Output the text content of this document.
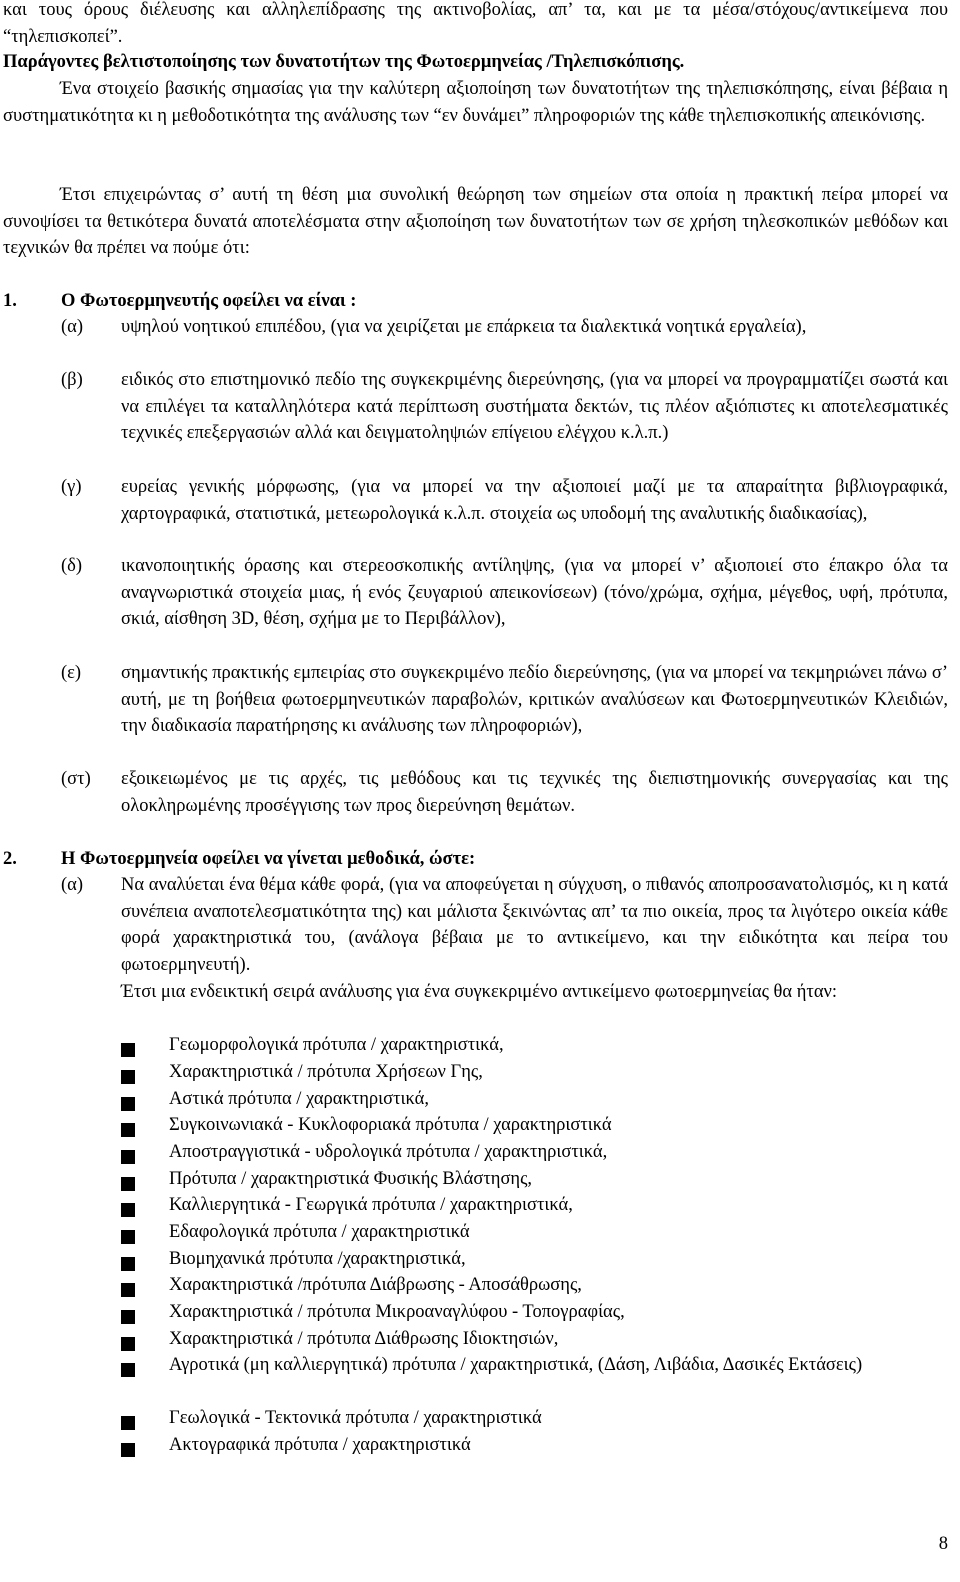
και τους όρους διέλευσης και αλληλεπίδρασης της ακτινοβολίας, απ’ τα, και με τα μέσα/στόχους/αντικείμενα που “τηλεπισκοπεί”.
Παράγοντες βελτιστοποίησης των δυνατοτήτων της Φωτοερμηνείας /Τηλεπισκόπισης.
Ένα στοιχείο βασικής σημασίας για την καλύτερη αξιοποίηση των δυνατοτήτων της τηλεπισκόπησης, είναι βέβαια η συστηματικότητα κι η μεθοδοτικότητα της ανάλυσης των “εν δυνάμει” πληροφοριών της κάθε τηλεπισκοπικής απεικόνισης.
Έτσι επιχειρώντας σ’ αυτή τη θέση μια συνολική θεώρηση των σημείων στα οποία η πρακτική πείρα μπορεί να συνοψίσει τα θετικότερα δυνατά αποτελέσματα στην αξιοποίηση των δυνατοτήτων των σε χρήση τηλεσκοπικών μεθόδων και τεχνικών θα πρέπει να πούμε ότι:
1. Ο Φωτοερμηνευτής οφείλει να είναι :
(α) υψηλού νοητικού επιπέδου, (για να χειρίζεται με επάρκεια τα διαλεκτικά νοητικά εργαλεία),
(β) ειδικός στο επιστημονικό πεδίο της συγκεκριμένης διερεύνησης, (για να μπορεί να προγραμματίζει σωστά και να επιλέγει τα καταλληλότερα κατά περίπτωση συστήματα δεκτών, τις πλέον αξιόπιστες κι αποτελεσματικές τεχνικές επεξεργασιών αλλά και δειγματοληψιών επίγειου ελέγχου κ.λ.π.)
(γ) ευρείας γενικής μόρφωσης, (για να μπορεί να την αξιοποιεί μαζί με τα απαραίτητα βιβλιογραφικά, χαρτογραφικά, στατιστικά, μετεωρολογικά κ.λ.π. στοιχεία ως υποδομή της αναλυτικής διαδικασίας),
(δ) ικανοποιητικής όρασης και στερεοσκοπικής αντίληψης, (για να μπορεί ν’ αξιοποιεί στο έπακρο όλα τα αναγνωριστικά στοιχεία μιας, ή ενός ζευγαριού απεικονίσεων) (τόνο/χρώμα, σχήμα, μέγεθος, υφή, πρότυπα, σκιά, αίσθηση 3D, θέση, σχήμα με το Περιβάλλον),
(ε) σημαντικής πρακτικής εμπειρίας στο συγκεκριμένο πεδίο διερεύνησης, (για να μπορεί να τεκμηριώνει πάνω σ’ αυτή, με τη βοήθεια φωτοερμηνευτικών παραβολών, κριτικών αναλύσεων και Φωτοερμηνευτικών Κλειδιών, την διαδικασία παρατήρησης κι ανάλυσης των πληροφοριών),
(στ) εξοικειωμένος με τις αρχές, τις μεθόδους και τις τεχνικές της διεπιστημονικής συνεργασίας και της ολοκληρωμένης προσέγγισης των προς διερεύνηση θεμάτων.
2. Η Φωτοερμηνεία οφείλει να γίνεται μεθοδικά, ώστε:
(α) Να αναλύεται ένα θέμα κάθε φορά, (για να αποφεύγεται η σύγχυση, ο πιθανός αποπροσανατολισμός, κι η κατά συνέπεια αναποτελεσματικότητα της) και μάλιστα ξεκινώντας απ’ τα πιο οικεία, προς τα λιγότερο οικεία κάθε φορά χαρακτηριστικά του, (ανάλογα βέβαια με το αντικείμενο, και την ειδικότητα και πείρα του φωτοερμηνευτή).
Έτσι μια ενδεικτική σειρά ανάλυσης για ένα συγκεκριμένο αντικείμενο φωτοερμηνείας θα ήταν:
Γεωμορφολογικά πρότυπα / χαρακτηριστικά,
Χαρακτηριστικά / πρότυπα Χρήσεων Γης,
Αστικά πρότυπα / χαρακτηριστικά,
Συγκοινωνιακά - Κυκλοφοριακά πρότυπα / χαρακτηριστικά
Αποστραγγιστικά - υδρολογικά πρότυπα / χαρακτηριστικά,
Πρότυπα / χαρακτηριστικά Φυσικής Βλάστησης,
Καλλιεργητικά - Γεωργικά πρότυπα / χαρακτηριστικά,
Εδαφολογικά πρότυπα / χαρακτηριστικά
Βιομηχανικά πρότυπα /χαρακτηριστικά,
Χαρακτηριστικά /πρότυπα Διάβρωσης - Αποσάθρωσης,
Χαρακτηριστικά / πρότυπα Μικροαναγλύφου - Τοπογραφίας,
Χαρακτηριστικά / πρότυπα Διάθρωσης Ιδιοκτησιών,
Αγροτικά (μη καλλιεργητικά) πρότυπα / χαρακτηριστικά, (Δάση, Λιβάδια, Δασικές Εκτάσεις)
Γεωλογικά - Τεκτονικά πρότυπα / χαρακτηριστικά
Ακτογραφικά πρότυπα / χαρακτηριστικά
8
